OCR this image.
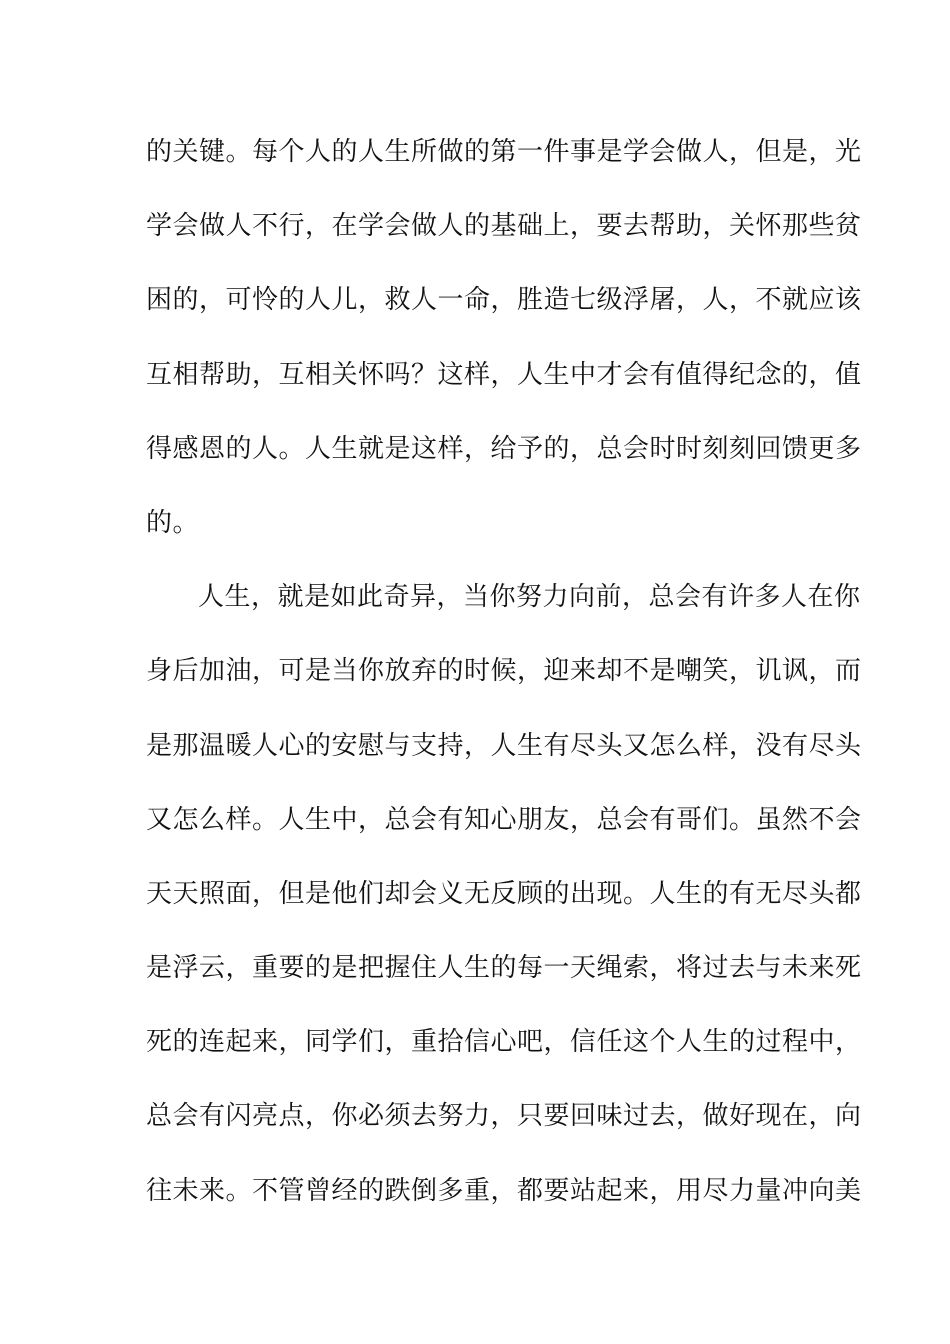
的关键。每个人的人生所做的第一件事是学会做人，但是，光
学会做人不行，在学会做人的基础上，要去帮助，关怀那些贫
困的，可怜的人儿，救人一命，胜造七级浮屠，人，不就应该
互相帮助，互相关怀吗？这样，人生中才会有值得纪念的，值
得感恩的人。人生就是这样，给予的，总会时时刻刻回馈更多
的。
人生，就是如此奇异，当你努力向前，总会有许多人在你
身后加油，可是当你放弃的时候，迎来却不是嘲笑，讥讽，而
是那温暖人心的安慰与支持，人生有尽头又怎么样，没有尽头
又怎么样。人生中，总会有知心朋友，总会有哥们。虽然不会
天天照面，但是他们却会义无反顾的出现。人生的有无尽头都
是浮云，重要的是把握住人生的每一天绳索，将过去与未来死
死的连起来，同学们，重拾信心吧，信任这个人生的过程中，
总会有闪亮点，你必须去努力，只要回味过去，做好现在，向
往未来。不管曾经的跌倒多重，都要站起来，用尽力量冲向美
